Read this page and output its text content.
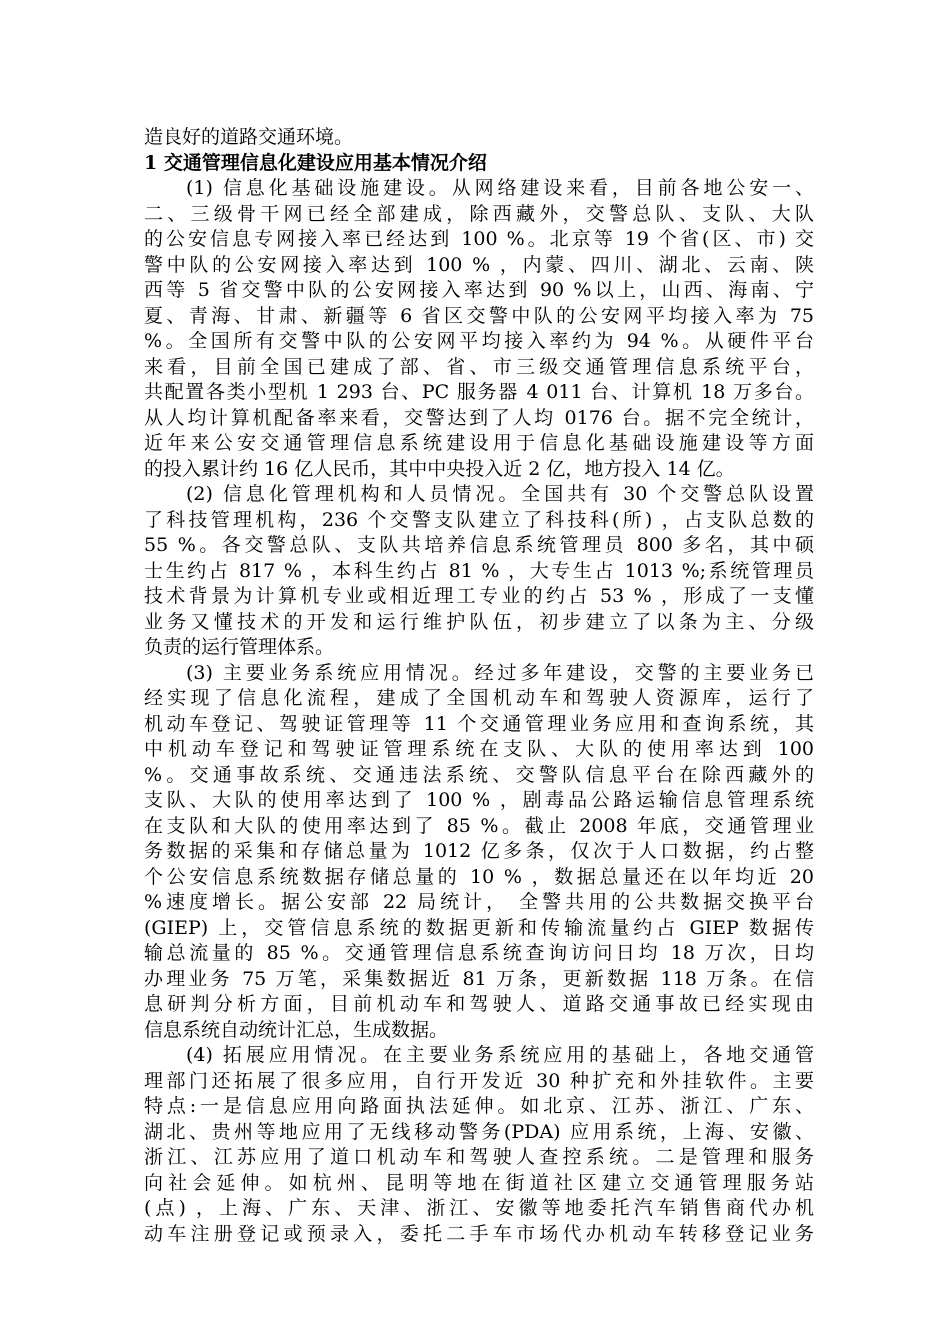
造良好的道路交通环境。
1 交通管理信息化建设应用基本情况介绍
(1) 信息化基础设施建设。从网络建设来看，目前各地公安一、
二、三级骨干网已经全部建成，除西藏外，交警总队、支队、大队
的公安信息专网接入率已经达到 100 %。北京等 19 个省(区、市) 交
警中队的公安网接入率达到 100 % ，内蒙、四川、湖北、云南、陕
西等 5 省交警中队的公安网接入率达到 90 %以上，山西、海南、宁
夏、青海、甘肃、新疆等 6 省区交警中队的公安网平均接入率为 75
%。全国所有交警中队的公安网平均接入率约为 94 %。从硬件平台
来看，目前全国已建成了部、省、市三级交通管理信息系统平台，
共配置各类小型机 1 293 台、PC 服务器 4 011 台、计算机 18 万多台。
从人均计算机配备率来看，交警达到了人均 0176 台。据不完全统计，
近年来公安交通管理信息系统建设用于信息化基础设施建设等方面
的投入累计约 16 亿人民币，其中中央投入近 2 亿，地方投入 14 亿。
(2) 信息化管理机构和人员情况。全国共有 30 个交警总队设置
了科技管理机构，236 个交警支队建立了科技科(所) ，占支队总数的
55 %。各交警总队、支队共培养信息系统管理员 800 多名，其中硕
士生约占 817 % ，本科生约占 81 % ，大专生占 1013 %;系统管理员
技术背景为计算机专业或相近理工专业的约占 53 % ，形成了一支懂
业务又懂技术的开发和运行维护队伍，初步建立了以条为主、分级
负责的运行管理体系。
(3) 主要业务系统应用情况。经过多年建设，交警的主要业务已
经实现了信息化流程，建成了全国机动车和驾驶人资源库，运行了
机动车登记、驾驶证管理等 11 个交通管理业务应用和查询系统，其
中机动车登记和驾驶证管理系统在支队、大队的使用率达到 100
%。交通事故系统、交通违法系统、交警队信息平台在除西藏外的
支队、大队的使用率达到了 100 % ，剧毒品公路运输信息管理系统
在支队和大队的使用率达到了 85 %。截止 2008 年底，交通管理业
务数据的采集和存储总量为 1012 亿多条，仅次于人口数据，约占整
个公安信息系统数据存储总量的 10 % ，数据总量还在以年均近 20
%速度增长。据公安部 22 局统计， 全警共用的公共数据交换平台
(GIEP) 上，交管信息系统的数据更新和传输流量约占 GIEP 数据传
输总流量的 85 %。交通管理信息系统查询访问日均 18 万次，日均
办理业务 75 万笔，采集数据近 81 万条，更新数据 118 万条。在信
息研判分析方面，目前机动车和驾驶人、道路交通事故已经实现由
信息系统自动统计汇总，生成数据。
(4) 拓展应用情况。在主要业务系统应用的基础上，各地交通管
理部门还拓展了很多应用，自行开发近 30 种扩充和外挂软件。主要
特点:一是信息应用向路面执法延伸。如北京、江苏、浙江、广东、
湖北、贵州等地应用了无线移动警务(PDA) 应用系统，上海、安徽、
浙江、江苏应用了道口机动车和驾驶人查控系统。二是管理和服务
向社会延伸。如杭州、昆明等地在街道社区建立交通管理服务站
(点) ，上海、广东、天津、浙江、安徽等地委托汽车销售商代办机
动车注册登记或预录入，委托二手车市场代办机动车转移登记业务
